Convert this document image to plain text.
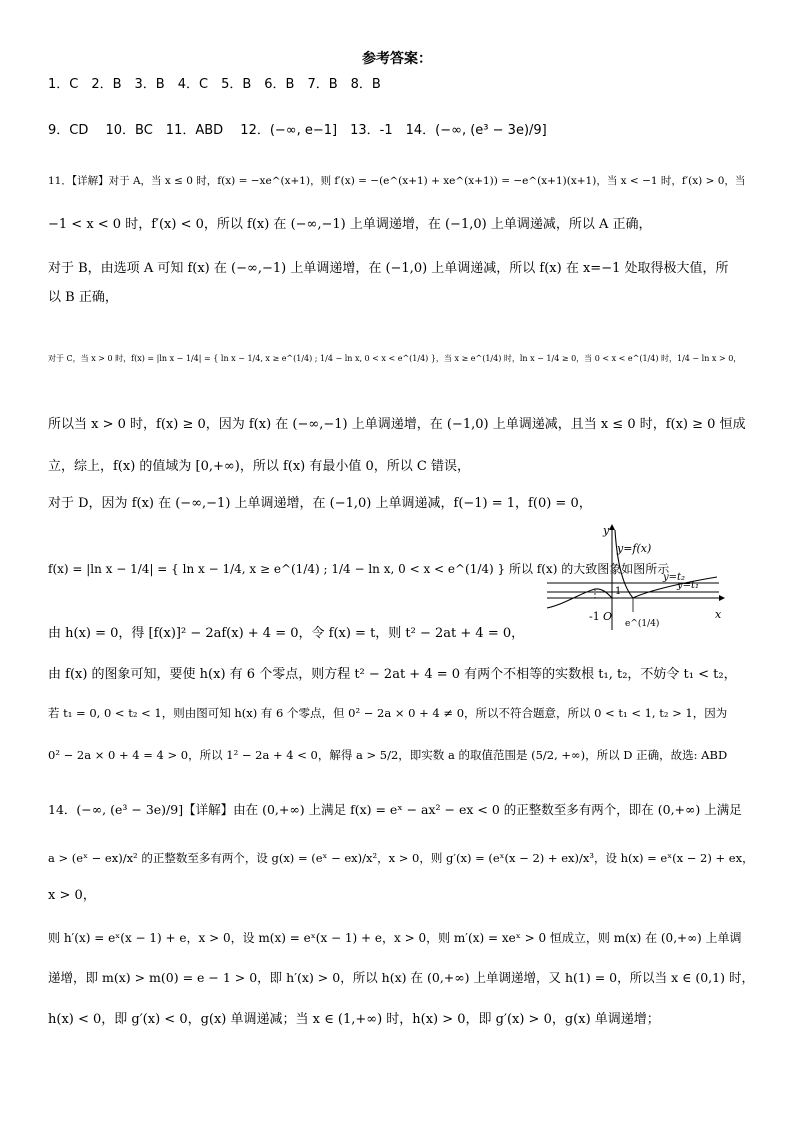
参考答案：
1．C　2．B　3．B　4．C　5．B　6．B　7．B　8．B
9．CD　 10．BC　11．ABD　 12．(−∞, e−1]　13．-1　14．(−∞, (e³ − 3e)/9]
11．【详解】对于 A，当 x ≤ 0 时，f(x) = −xe^(x+1)，则 f′(x) = −(e^(x+1) + xe^(x+1)) = −e^(x+1)(x+1)，当 x < −1 时，f′(x) > 0，当
−1 < x < 0 时，f′(x) < 0，所以 f(x) 在 (−∞,−1) 上单调递增，在 (−1,0) 上单调递减，所以 A 正确，
对于 B，由选项 A 可知 f(x) 在 (−∞,−1) 上单调递增，在 (−1,0) 上单调递减，所以 f(x) 在 x=−1 处取得极大值，所
以 B 正确，
对于 C，当 x > 0 时，f(x) = |ln x − 1/4| = { ln x − 1/4, x ≥ e^(1/4) ; 1/4 − ln x, 0 < x < e^(1/4) }，当 x ≥ e^(1/4) 时，ln x − 1/4 ≥ 0，当 0 < x < e^(1/4) 时，1/4 − ln x > 0，
所以当 x > 0 时，f(x) ≥ 0，因为 f(x) 在 (−∞,−1) 上单调递增，在 (−1,0) 上单调递减，且当 x ≤ 0 时，f(x) ≥ 0 恒成
立，综上，f(x) 的值域为 [0,+∞)，所以 f(x) 有最小值 0，所以 C 错误，
对于 D，因为 f(x) 在 (−∞,−1) 上单调递增，在 (−1,0) 上单调递减，f(−1) = 1，f(0) = 0，
f(x) = |ln x − 1/4| = { ln x − 1/4, x ≥ e^(1/4) ; 1/4 − ln x, 0 < x < e^(1/4) } 所以 f(x) 的大致图象如图所示
由 h(x) = 0，得 [f(x)]² − 2af(x) + 4 = 0，令 f(x) = t，则 t² − 2at + 4 = 0，
由 f(x) 的图象可知，要使 h(x) 有 6 个零点，则方程 t² − 2at + 4 = 0 有两个不相等的实数根 t₁, t₂，不妨令 t₁ < t₂，
若 t₁ = 0, 0 < t₂ < 1，则由图可知 h(x) 有 6 个零点，但 0² − 2a × 0 + 4 ≠ 0，所以不符合题意，所以 0 < t₁ < 1, t₂ > 1，因为
0² − 2a × 0 + 4 = 4 > 0，所以 1² − 2a + 4 < 0，解得 a > 5/2，即实数 a 的取值范围是 (5/2, +∞)，所以 D 正确，故选: ABD
14．(−∞, (e³ − 3e)/9]【详解】由在 (0,+∞) 上满足 f(x) = eˣ − ax² − ex < 0 的正整数至多有两个，即在 (0,+∞) 上满足
a > (eˣ − ex)/x² 的正整数至多有两个，设 g(x) = (eˣ − ex)/x²，x > 0，则 g′(x) = (eˣ(x − 2) + ex)/x³，设 h(x) = eˣ(x − 2) + ex，
x > 0，
则 h′(x) = eˣ(x − 1) + e，x > 0，设 m(x) = eˣ(x − 1) + e，x > 0，则 m′(x) = xeˣ > 0 恒成立，则 m(x) 在 (0,+∞) 上单调
递增，即 m(x) > m(0) = e − 1 > 0，即 h′(x) > 0，所以 h(x) 在 (0,+∞) 上单调递增，又 h(1) = 0，所以当 x ∈ (0,1) 时，
h(x) < 0，即 g′(x) < 0，g(x) 单调递减；当 x ∈ (1,+∞) 时，h(x) > 0，即 g′(x) > 0，g(x) 单调递增；
y=f(x)
y
x
-1 O
1
y=t₂
y=t₁
e^(1/4)
